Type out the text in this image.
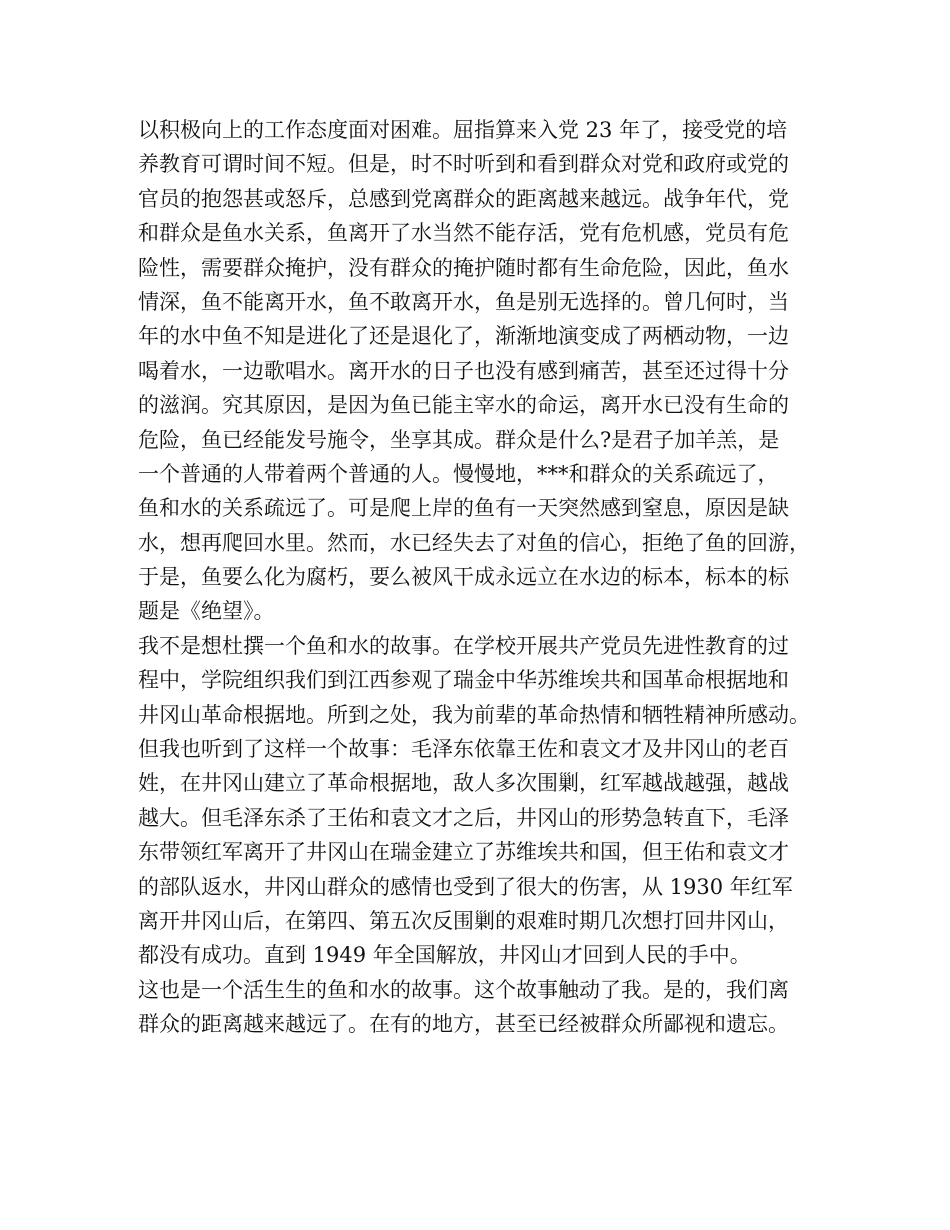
以积极向上的工作态度面对困难。屈指算来入党 23 年了，接受党的培
养教育可谓时间不短。但是，时不时听到和看到群众对党和政府或党的
官员的抱怨甚或怒斥，总感到党离群众的距离越来越远。战争年代，党
和群众是鱼水关系，鱼离开了水当然不能存活，党有危机感，党员有危
险性，需要群众掩护，没有群众的掩护随时都有生命危险，因此，鱼水
情深，鱼不能离开水，鱼不敢离开水，鱼是别无选择的。曾几何时，当
年的水中鱼不知是进化了还是退化了，渐渐地演变成了两栖动物，一边
喝着水，一边歌唱水。离开水的日子也没有感到痛苦，甚至还过得十分
的滋润。究其原因，是因为鱼已能主宰水的命运，离开水已没有生命的
危险，鱼已经能发号施令，坐享其成。群众是什么?是君子加羊羔，是
一个普通的人带着两个普通的人。慢慢地，***和群众的关系疏远了，
鱼和水的关系疏远了。可是爬上岸的鱼有一天突然感到窒息，原因是缺
水，想再爬回水里。然而，水已经失去了对鱼的信心，拒绝了鱼的回游，
于是，鱼要么化为腐朽，要么被风干成永远立在水边的标本，标本的标
题是《绝望》。
我不是想杜撰一个鱼和水的故事。在学校开展共产党员先进性教育的过
程中，学院组织我们到江西参观了瑞金中华苏维埃共和国革命根据地和
井冈山革命根据地。所到之处，我为前辈的革命热情和牺牲精神所感动。
但我也听到了这样一个故事：毛泽东依靠王佐和袁文才及井冈山的老百
姓，在井冈山建立了革命根据地，敌人多次围剿，红军越战越强，越战
越大。但毛泽东杀了王佑和袁文才之后，井冈山的形势急转直下，毛泽
东带领红军离开了井冈山在瑞金建立了苏维埃共和国，但王佑和袁文才
的部队返水，井冈山群众的感情也受到了很大的伤害，从 1930 年红军
离开井冈山后，在第四、第五次反围剿的艰难时期几次想打回井冈山，
都没有成功。直到 1949 年全国解放，井冈山才回到人民的手中。
这也是一个活生生的鱼和水的故事。这个故事触动了我。是的，我们离
群众的距离越来越远了。在有的地方，甚至已经被群众所鄙视和遗忘。
